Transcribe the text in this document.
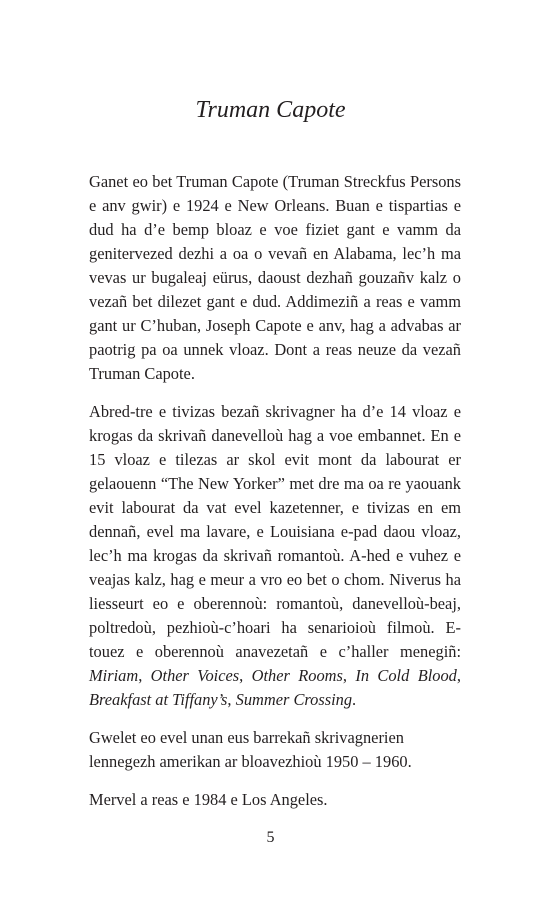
Truman Capote

Ganet eo bet Truman Capote (Truman Streckfus Persons e anv gwir) e 1924 e New Orleans. Buan e tispartias e dud ha d’e bemp bloaz e voe fiziet gant e vamm da genitervezed dezhi a oa o vevañ en Alabama, lec’h ma vevas ur bugaleaj eürus, daoust dezhañ gouzañv kalz o vezañ bet dilezet gant e dud. Addimeziñ a reas e vamm gant ur C’huban, Joseph Capote e anv, hag a advabas ar paotrig pa oa unnek vloaz. Dont a reas neuze da vezañ Truman Capote.

Abred-tre e tivizas bezañ skrivagner ha d’e 14 vloaz e krogas da skrivañ danevelloù hag a voe embannet. En e 15 vloaz e tilezas ar skol evit mont da labourat er gelaouenn “The New Yorker” met dre ma oa re yaouank evit labourat da vat evel kazetenner, e tivizas en em dennañ, evel ma lavare, e Louisiana e-pad daou vloaz, lec’h ma krogas da skrivañ romantoù. A-hed e vuhez e veajas kalz, hag e meur a vro eo bet o chom. Niverus ha liesseurt eo e oberennoù: romantoù, danevelloù-beaj, poltredoù, pezhioù-c’hoari ha senarioioù filmoù. E-touez e oberennoù anavezetañ e c’haller menegiñ: Miriam, Other Voices, Other Rooms, In Cold Blood, Breakfast at Tiffany’s, Summer Crossing.

Gwelet eo evel unan eus barrekañ skrivagnerien lennegezh amerikan ar bloavezhioù 1950 – 1960.

Mervel a reas e 1984 e Los Angeles.

5
